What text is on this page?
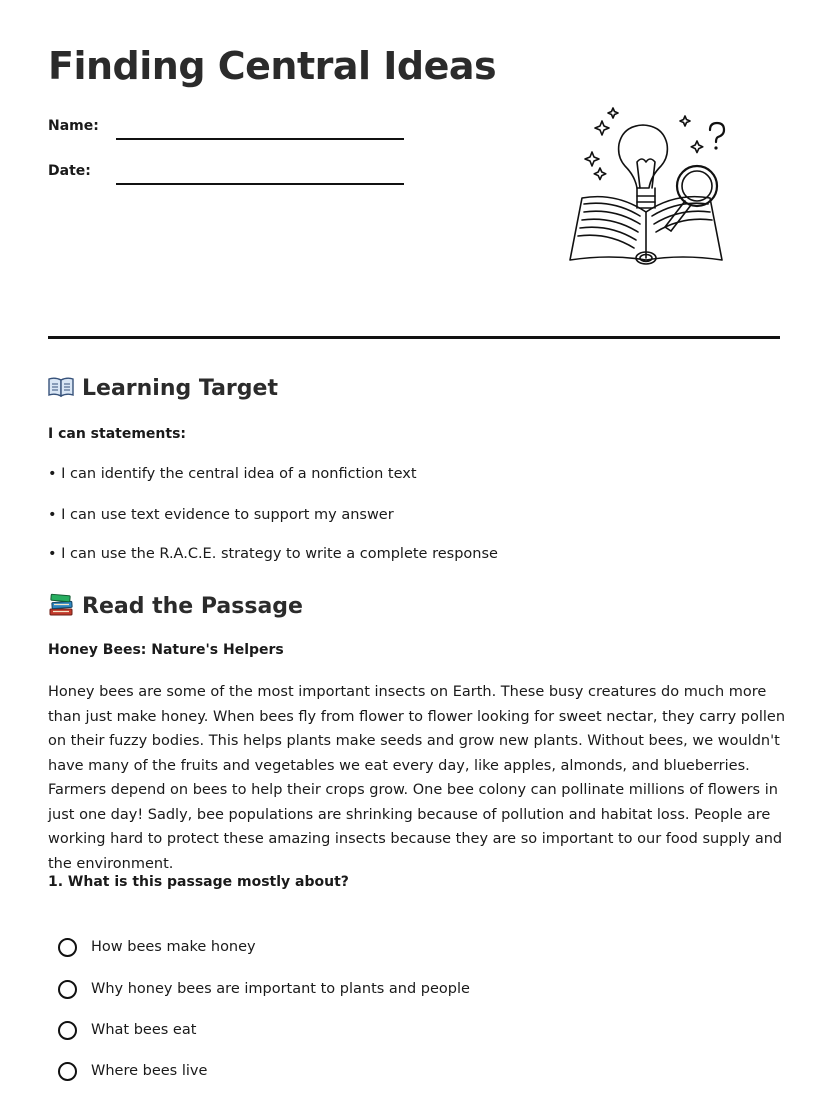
Finding Central Ideas
Name:
Date:
Learning Target
I can statements:
• I can identify the central idea of a nonfiction text
• I can use text evidence to support my answer
• I can use the R.A.C.E. strategy to write a complete response
Read the Passage
Honey Bees: Nature's Helpers

Honey bees are some of the most important insects on Earth. These busy creatures do much more than just make honey. When bees fly from flower to flower looking for sweet nectar, they carry pollen on their fuzzy bodies. This helps plants make seeds and grow new plants. Without bees, we wouldn't have many of the fruits and vegetables we eat every day, like apples, almonds, and blueberries. Farmers depend on bees to help their crops grow. One bee colony can pollinate millions of flowers in just one day! Sadly, bee populations are shrinking because of pollution and habitat loss. People are working hard to protect these amazing insects because they are so important to our food supply and the environment.

1. What is this passage mostly about?
How bees make honey
Why honey bees are important to plants and people
What bees eat
Where bees live
